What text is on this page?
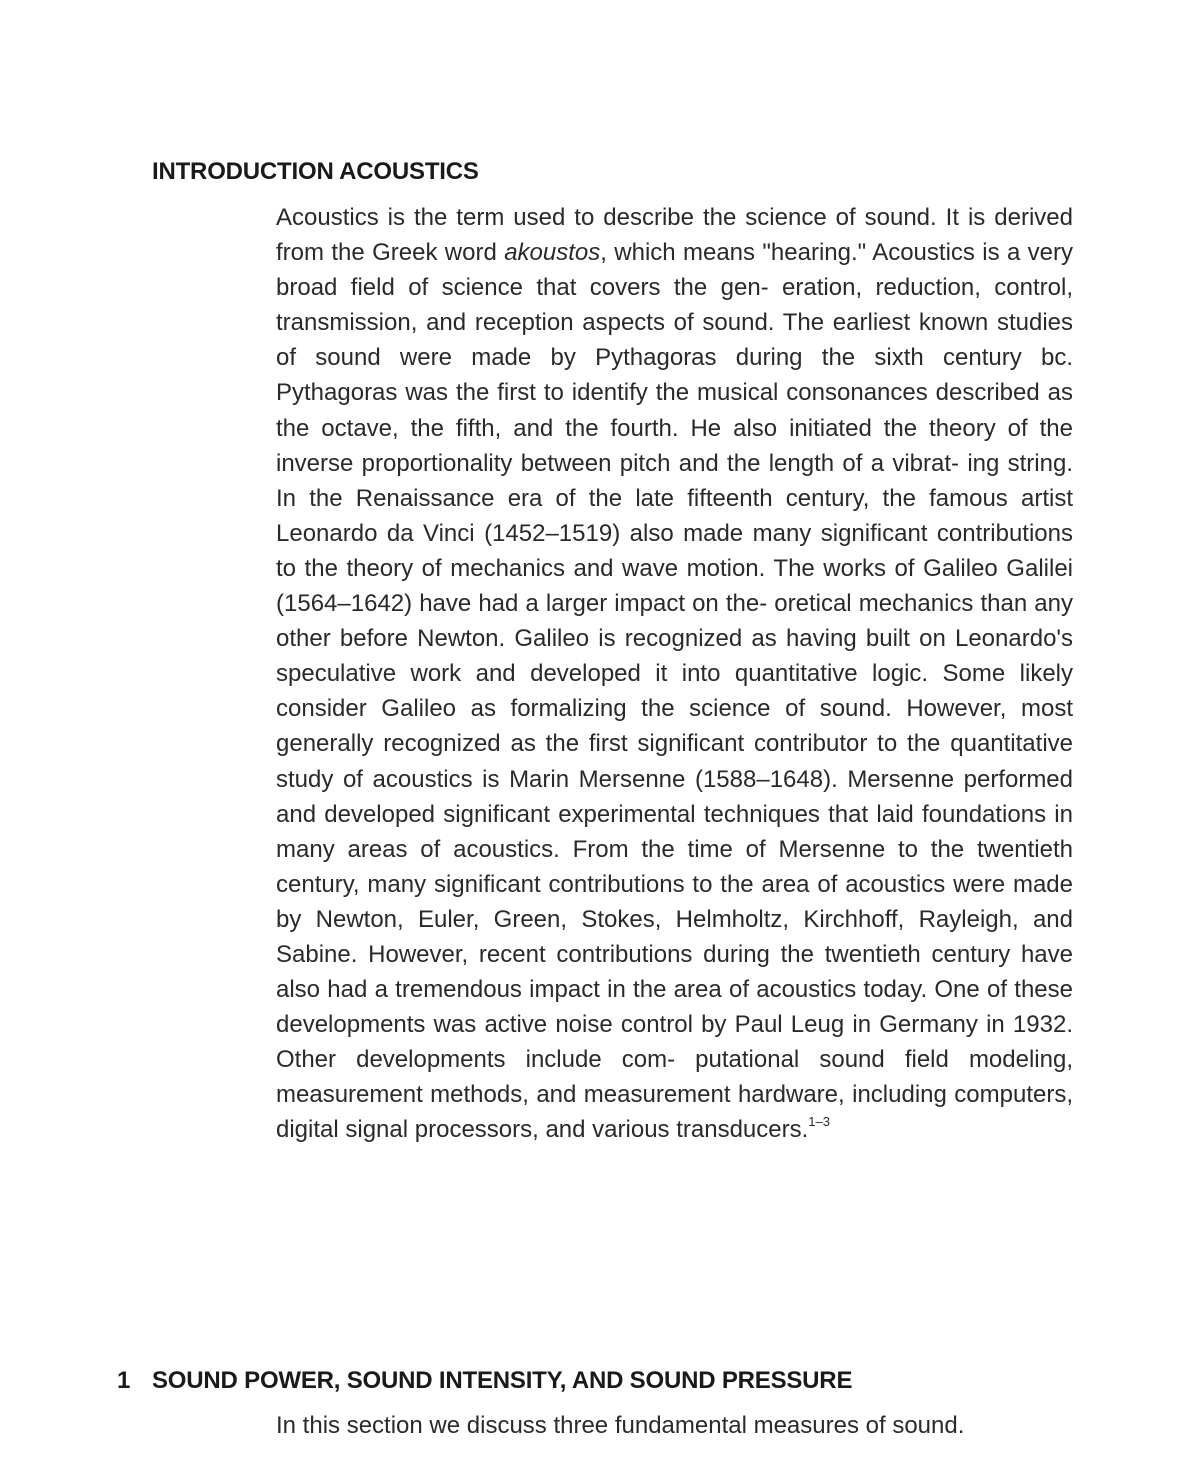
INTRODUCTION ACOUSTICS
Acoustics is the term used to describe the science of sound. It is derived from the Greek word akoustos, which means "hearing." Acoustics is a very broad field of science that covers the gen- eration, reduction, control, transmission, and reception aspects of sound. The earliest known studies of sound were made by Pythagoras during the sixth century bc. Pythagoras was the first to identify the musical consonances described as the octave, the fifth, and the fourth. He also initiated the theory of the inverse proportionality between pitch and the length of a vibrat- ing string. In the Renaissance era of the late fifteenth century, the famous artist Leonardo da Vinci (1452–1519) also made many significant contributions to the theory of mechanics and wave motion. The works of Galileo Galilei (1564–1642) have had a larger impact on the- oretical mechanics than any other before Newton. Galileo is recognized as having built on Leonardo's speculative work and developed it into quantitative logic. Some likely consider Galileo as formalizing the science of sound. However, most generally recognized as the first significant contributor to the quantitative study of acoustics is Marin Mersenne (1588–1648). Mersenne performed and developed significant experimental techniques that laid foundations in many areas of acoustics. From the time of Mersenne to the twentieth century, many significant contributions to the area of acoustics were made by Newton, Euler, Green, Stokes, Helmholtz, Kirchhoff, Rayleigh, and Sabine. However, recent contributions during the twentieth century have also had a tremendous impact in the area of acoustics today. One of these developments was active noise control by Paul Leug in Germany in 1932. Other developments include com- putational sound field modeling, measurement methods, and measurement hardware, including computers, digital signal processors, and various transducers.$^{1-3}$
1 SOUND POWER, SOUND INTENSITY, AND SOUND PRESSURE
In this section we discuss three fundamental measures of sound.
